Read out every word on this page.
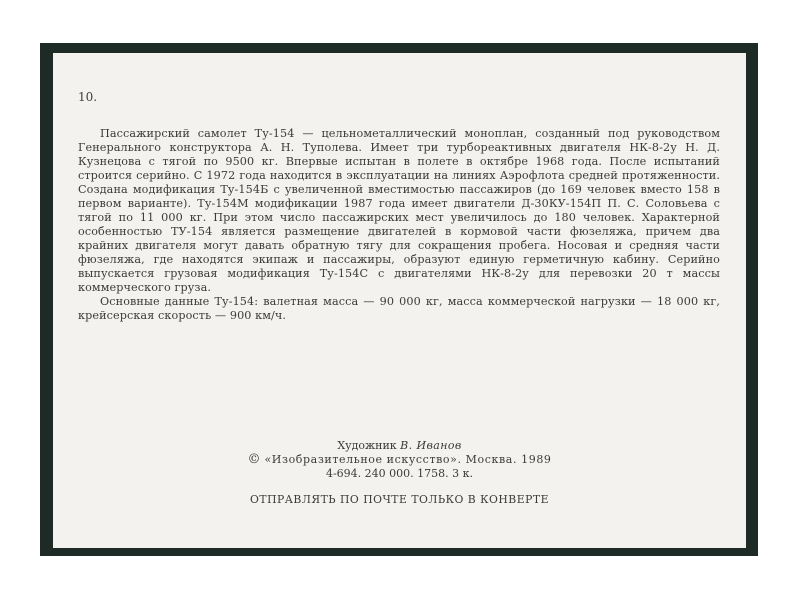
10.

Пассажирский самолет Ту-154 — цельнометаллический моноплан, созданный под руководством Генерального конструктора А. Н. Туполева. Имеет три турбореактивных двигателя НК-8-2у Н. Д. Кузнецова с тягой по 9500 кг. Впервые испытан в полете в октябре 1968 года. После испытаний строится серийно. С 1972 года находится в эксплуатации на линиях Аэрофлота средней протяженности. Создана модификация Ту-154Б с увеличенной вместимостью пассажиров (до 169 человек вместо 158 в первом варианте). Ту-154М модификации 1987 года имеет двигатели Д-30КУ-154П П. С. Соловьева с тягой по 11 000 кг. При этом число пассажирских мест увеличилось до 180 человек. Характерной особенностью ТУ-154 является размещение двигателей в кормовой части фюзеляжа, причем два крайних двигателя могут давать обратную тягу для сокращения пробега. Носовая и средняя части фюзеляжа, где находятся экипаж и пассажиры, образуют единую герметичную кабину. Серийно выпускается грузовая модификация Ту-154С с двигателями НК-8-2у для перевозки 20 т массы коммерческого груза.

Основные данные Ту-154: валетная масса — 90 000 кг, масса коммерческой нагрузки — 18 000 кг, крейсерская скорость — 900 км/ч.

Художник В. Иванов
© «Изобразительное искусство». Москва. 1989
4-694. 240 000. 1758. 3 к.
ОТПРАВЛЯТЬ ПО ПОЧТЕ ТОЛЬКО В КОНВЕРТЕ
